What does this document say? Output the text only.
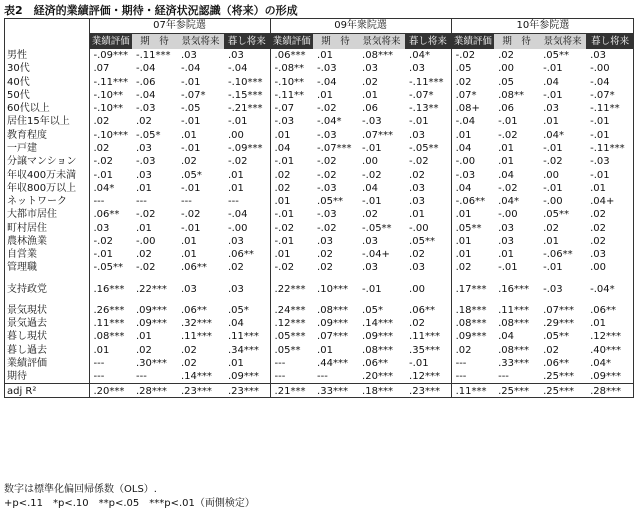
表2　経済的業績評価・期待・経済状況認識（将来）の形成
	07年参院選				09年衆院選				10年参院選			
	業績評価	期　待	景気将来	暮し将来	業績評価	期　待	景気将来	暮し将来	業績評価	期　待	景気将来	暮し将来
男性	-.09***	-.11***	.03	.03	.06***	.01	.08***	.04*	-.02	.02	.05**	.03
30代	.07	-.04	-.04	-.04	-.08**	-.03	.03	.03	.05	.00	-.01	-.00
40代	-.11***	-.06	-.01	-.10***	-.10**	-.04	.02	-.11***	.02	.05	.04	-.04
50代	-.10**	-.04	-.07*	-.15***	-.11**	.01	.01	-.07*	.07*	.08**	-.01	-.07*
60代以上	-.10**	-.03	-.05	-.21***	-.07	-.02	.06	-.13**	.08+	.06	.03	-.11**
居住15年以上	.02	.02	-.01	-.01	-.03	-.04*	-.03	-.01	-.04	-.01	.01	-.01
教育程度	-.10***	-.05*	.01	.00	.01	-.03	.07***	.03	.01	-.02	.04*	-.01
一戸建	.02	.03	-.01	-.09***	.04	-.07***	-.01	-.05**	.04	.01	-.01	-.11***
分譲マンション	-.02	-.03	.02	-.02	-.01	-.02	.00	-.02	-.00	.01	-.02	-.03
年収400万未満	-.01	.03	.05*	.01	.02	-.02	-.02	.02	-.03	.04	.00	-.01
年収800万以上	.04*	.01	-.01	.01	.02	-.03	.04	.03	.04	-.02	-.01	.01
ネットワーク	---	---	---	---	.01	.05**	-.01	.03	-.06**	.04*	-.00	.04+
大都市居住	.06**	-.02	-.02	-.04	-.01	-.03	.02	.01	.01	-.00	.05**	.02
町村居住	.03	.01	-.01	-.00	-.02	-.02	-.05**	-.00	.05**	.03	.02	.02
農林漁業	-.02	-.00	.01	.03	-.01	.03	.03	.05**	.01	.03	.01	.02
自営業	-.01	.02	.01	.06**	.01	.02	-.04+	.02	.01	.01	-.06**	.03
管理職	-.05**	-.02	.06**	.02	-.02	.02	.03	.03	.02	-.01	-.01	.00

支持政党	.16***	.22***	.03	.03	.22***	.10***	-.01	.00	.17***	.16***	-.03	-.04*

景気現状	.26***	.09***	.06**	.05*	.24***	.08***	.05*	.06**	.18***	.11***	.07***	.06**
景気過去	.11***	.09***	.32***	.04	.12***	.09***	.14***	.02	.08***	.08***	.29***	.01
暮し現状	.08***	.01	.11***	.11***	.05***	.07***	.09***	.11***	.09***	.04	.05**	.12***
暮し過去	.01	.02	.02	.34***	.05**	.01	.08***	.35***	.02	.08***	.02	.40***
業績評価	---	.30***	.02	.01	---	.44***	.06**	-.01	---	.33***	.06**	.04*
期待	---	---	.14***	.09***	---	---	.20***	.12***	---	---	.25***	.09***
adj R²	.20***	.28***	.23***	.23***	.21***	.33***	.18***	.23***	.11***	.25***	.25***	.28***
数字は標準化偏回帰係数（OLS）.
+p<.11　*p<.10　**p<.05　***p<.01（両側検定）
